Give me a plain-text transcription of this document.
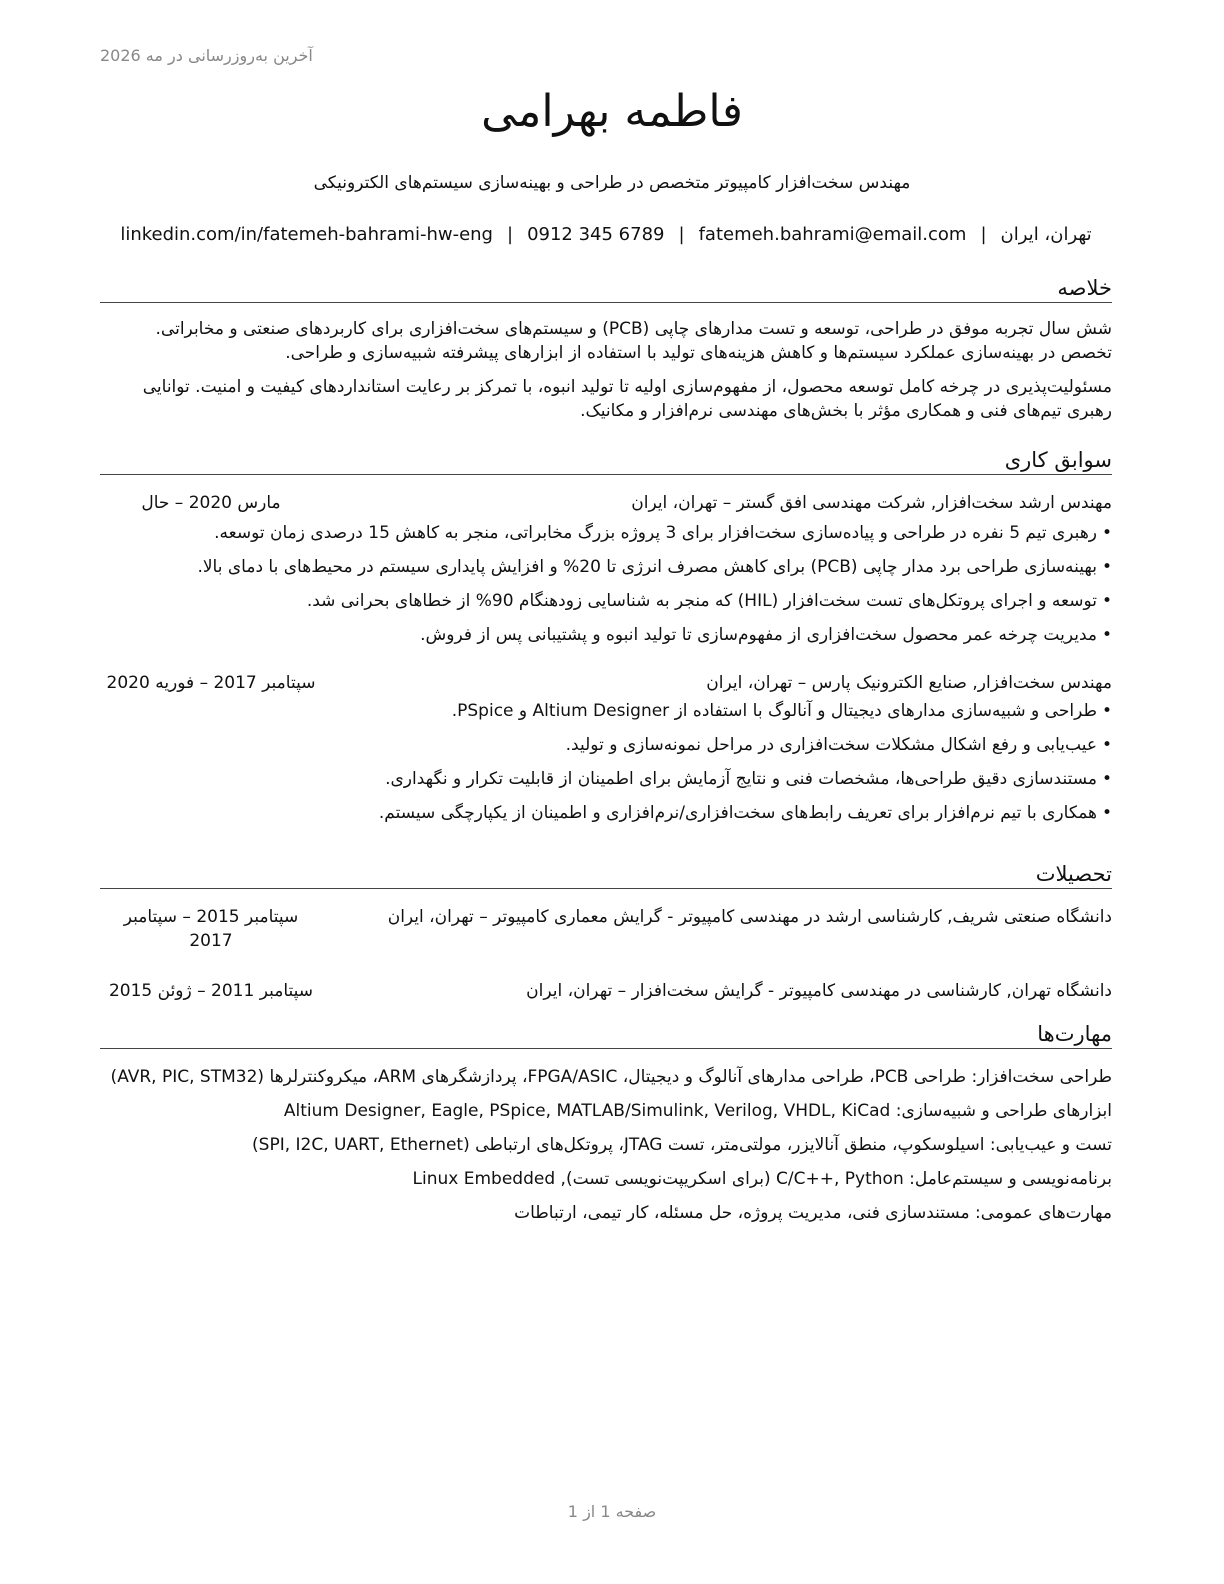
آخرین به‌روزرسانی در مه 2026
فاطمه بهرامی
مهندس سخت‌افزار کامپیوتر متخصص در طراحی و بهینه‌سازی سیستم‌های الکترونیکی
تهران، ایران|fatemeh.bahrami@email.com|0912 345 6789|linkedin.com/in/fatemeh-bahrami-hw-eng
خلاصه

شش سال تجربه موفق در طراحی، توسعه و تست مدارهای چاپی (PCB) و سیستم‌های سخت‌افزاری برای کاربردهای صنعتی و مخابراتی. تخصص در بهینه‌سازی عملکرد سیستم‌ها و کاهش هزینه‌های تولید با استفاده از ابزارهای پیشرفته شبیه‌سازی و طراحی.

مسئولیت‌پذیری در چرخه کامل توسعه محصول، از مفهوم‌سازی اولیه تا تولید انبوه، با تمرکز بر رعایت استانداردهای کیفیت و امنیت. توانایی رهبری تیم‌های فنی و همکاری مؤثر با بخش‌های مهندسی نرم‌افزار و مکانیک.

سوابق کاری
مهندس ارشد سخت‌افزار, شرکت مهندسی افق گستر – تهران، ایران
مارس 2020 – حال
• رهبری تیم 5 نفره در طراحی و پیاده‌سازی سخت‌افزار برای 3 پروژه بزرگ مخابراتی، منجر به کاهش 15 درصدی زمان توسعه.
• بهینه‌سازی طراحی برد مدار چاپی (PCB) برای کاهش مصرف انرژی تا 20% و افزایش پایداری سیستم در محیط‌های با دمای بالا.
• توسعه و اجرای پروتکل‌های تست سخت‌افزار (HIL) که منجر به شناسایی زودهنگام 90% از خطاهای بحرانی شد.
• مدیریت چرخه عمر محصول سخت‌افزاری از مفهوم‌سازی تا تولید انبوه و پشتیبانی پس از فروش.
مهندس سخت‌افزار, صنایع الکترونیک پارس – تهران، ایران
سپتامبر 2017 – فوریه 2020
• طراحی و شبیه‌سازی مدارهای دیجیتال و آنالوگ با استفاده از Altium Designer و PSpice.
• عیب‌یابی و رفع اشکال مشکلات سخت‌افزاری در مراحل نمونه‌سازی و تولید.
• مستندسازی دقیق طراحی‌ها، مشخصات فنی و نتایج آزمایش برای اطمینان از قابلیت تکرار و نگهداری.
• همکاری با تیم نرم‌افزار برای تعریف رابط‌های سخت‌افزاری/نرم‌افزاری و اطمینان از یکپارچگی سیستم.
تحصیلات
دانشگاه صنعتی شریف, کارشناسی ارشد در مهندسی کامپیوتر - گرایش معماری کامپیوتر – تهران، ایران
سپتامبر 2015 – سپتامبر 2017
دانشگاه تهران, کارشناسی در مهندسی کامپیوتر - گرایش سخت‌افزار – تهران، ایران
سپتامبر 2011 – ژوئن 2015
مهارت‌ها
طراحی سخت‌افزار: طراحی PCB، طراحی مدارهای آنالوگ و دیجیتال، FPGA/ASIC، پردازشگرهای ARM، میکروکنترلرها (AVR, PIC, STM32)
ابزارهای طراحی و شبیه‌سازی: Altium Designer, Eagle, PSpice, MATLAB/Simulink, Verilog, VHDL, KiCad
تست و عیب‌یابی: اسیلوسکوپ، منطق آنالایزر، مولتی‌متر، تست JTAG، پروتکل‌های ارتباطی (SPI, I2C, UART, Ethernet)
برنامه‌نویسی و سیستم‌عامل: C/C++, Python (برای اسکریپت‌نویسی تست), Linux Embedded
مهارت‌های عمومی: مستندسازی فنی، مدیریت پروژه، حل مسئله، کار تیمی، ارتباطات
صفحه 1 از 1
